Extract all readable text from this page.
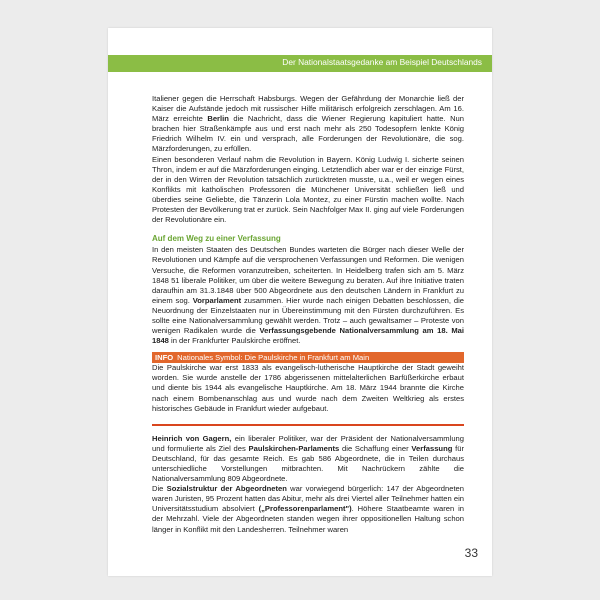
Der Nationalstaatsgedanke am Beispiel Deutschlands

Italiener gegen die Herrschaft Habsburgs. Wegen der Gefährdung der Monarchie ließ der Kaiser die Aufstände jedoch mit russischer Hilfe militärisch erfolgreich zerschlagen. Am 16. März erreichte Berlin die Nachricht, dass die Wiener Regierung kapituliert hatte. Nun brachen hier Straßenkämpfe aus und erst nach mehr als 250 Todesopfern lenkte König Friedrich Wilhelm IV. ein und versprach, alle Forderungen der Revolutionäre, die sog. Märzforderungen, zu erfüllen.

Einen besonderen Verlauf nahm die Revolution in Bayern. König Ludwig I. sicherte seinen Thron, indem er auf die Märzforderungen einging. Letztendlich aber war er der einzige Fürst, der in den Wirren der Revolution tatsächlich zurücktreten musste, u.a., weil er wegen eines Konflikts mit katholischen Professoren die Münchener Universität schließen ließ und überdies seine Geliebte, die Tänzerin Lola Montez, zu einer Fürstin machen wollte. Nach Protesten der Bevölkerung trat er zurück. Sein Nachfolger Max II. ging auf viele Forderungen der Revolutionäre ein.

Auf dem Weg zu einer Verfassung

In den meisten Staaten des Deutschen Bundes warteten die Bürger nach dieser Welle der Revolutionen und Kämpfe auf die versprochenen Verfassungen und Reformen. Die wenigen Versuche, die Reformen voranzutreiben, scheiterten. In Heidelberg trafen sich am 5. März 1848 51 liberale Politiker, um über die weitere Bewegung zu beraten. Auf ihre Initiative traten daraufhin am 31.3.1848 über 500 Abgeordnete aus den deutschen Ländern in Frankfurt zu einem sog. Vorparlament zusammen. Hier wurde nach einigen Debatten beschlossen, die Neuordnung der Einzelstaaten nur in Übereinstimmung mit den Fürsten durchzuführen. Es sollte eine Nationalversammlung gewählt werden. Trotz – auch gewaltsamer – Proteste von wenigen Radikalen wurde die Verfassungsgebende Nationalversammlung am 18. Mai 1848 in der Frankfurter Paulskirche eröffnet.

INFO Nationales Symbol: Die Paulskirche in Frankfurt am Main

Die Paulskirche war erst 1833 als evangelisch-lutherische Hauptkirche der Stadt geweiht worden. Sie wurde anstelle der 1786 abgerissenen mittelalterlichen Barfüßerkirche erbaut und diente bis 1944 als evangelische Hauptkirche. Am 18. März 1944 brannte die Kirche nach einem Bombenanschlag aus und wurde nach dem Zweiten Weltkrieg als erstes historisches Gebäude in Frankfurt wieder aufgebaut.

Heinrich von Gagern, ein liberaler Politiker, war der Präsident der Nationalversammlung und formulierte als Ziel des Paulskirchen-Parlaments die Schaffung einer Verfassung für Deutschland, für das gesamte Reich. Es gab 586 Abgeordnete, die in Teilen durchaus unterschiedliche Vorstellungen mitbrachten. Mit Nachrückern zählte die Nationalversammlung 809 Abgeordnete.

Die Sozialstruktur der Abgeordneten war vorwiegend bürgerlich: 147 der Abgeordneten waren Juristen, 95 Prozent hatten das Abitur, mehr als drei Viertel aller Teilnehmer hatten ein Universitätsstudium absolviert („Professorenparlament"). Höhere Staatbeamte waren in der Mehrzahl. Viele der Abgeordneten standen wegen ihrer oppositionellen Haltung schon länger in Konflikt mit den Landesherren. Teilnehmer waren

33
